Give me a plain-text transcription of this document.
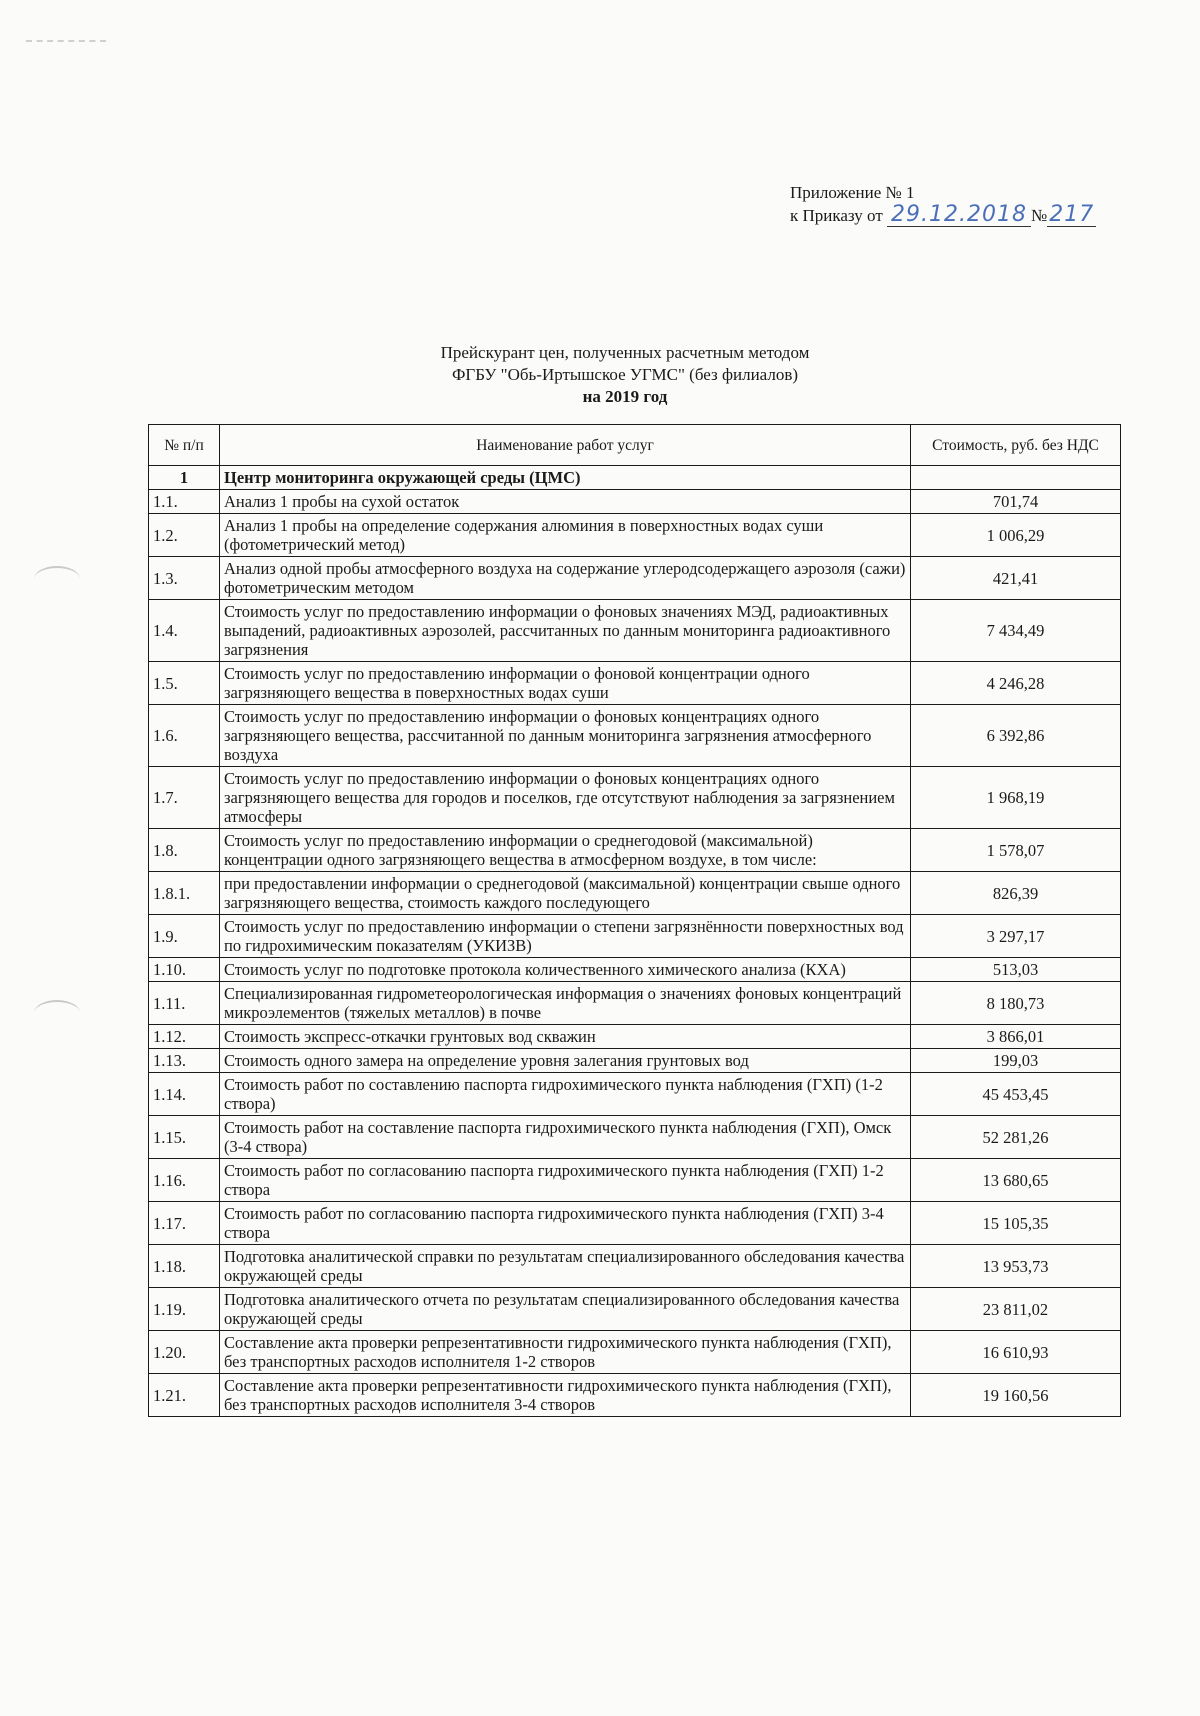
Приложение № 1
к Приказу от 29.12.2018 №217
Прейскурант цен, полученных расчетным методом
ФГБУ "Обь-Иртышское УГМС" (без филиалов)
на 2019 год
№ п/п	Наименование работ услуг	Стоимость, руб. без НДС
1	Центр мониторинга окружающей среды (ЦМС)	
1.1.	Анализ 1 пробы на сухой остаток	701,74
1.2.	Анализ 1 пробы на определение содержания алюминия в поверхностных водах суши (фотометрический метод)	1 006,29
1.3.	Анализ одной пробы атмосферного воздуха на содержание углеродсодержащего аэрозоля (сажи) фотометрическим методом	421,41
1.4.	Стоимость услуг по предоставлению информации о фоновых значениях МЭД, радиоактивных выпадений, радиоактивных аэрозолей, рассчитанных по данным мониторинга радиоактивного загрязнения	7 434,49
1.5.	Стоимость услуг по предоставлению информации о фоновой концентрации одного загрязняющего вещества в поверхностных водах суши	4 246,28
1.6.	Стоимость услуг по предоставлению информации о фоновых концентрациях одного загрязняющего вещества, рассчитанной по данным мониторинга загрязнения атмосферного воздуха	6 392,86
1.7.	Стоимость услуг по предоставлению информации о фоновых концентрациях одного загрязняющего вещества для городов и поселков, где отсутствуют наблюдения за загрязнением атмосферы	1 968,19
1.8.	Стоимость услуг по предоставлению информации о среднегодовой (максимальной) концентрации одного загрязняющего вещества в атмосферном воздухе, в том числе:	1 578,07
1.8.1.	при предоставлении информации о среднегодовой (максимальной) концентрации свыше одного загрязняющего вещества, стоимость каждого последующего	826,39
1.9.	Стоимость услуг по предоставлению информации о степени загрязнённости поверхностных вод по гидрохимическим показателям (УКИЗВ)	3 297,17
1.10.	Стоимость услуг по подготовке протокола количественного химического анализа (КХА)	513,03
1.11.	Специализированная гидрометеорологическая информация о значениях фоновых концентраций микроэлементов (тяжелых металлов) в почве	8 180,73
1.12.	Стоимость экспресс-откачки грунтовых вод скважин	3 866,01
1.13.	Стоимость одного замера на определение уровня залегания грунтовых вод	199,03
1.14.	Стоимость работ по составлению паспорта гидрохимического пункта наблюдения (ГХП) (1-2 створа)	45 453,45
1.15.	Стоимость работ на составление паспорта гидрохимического пункта наблюдения (ГХП), Омск (3-4 створа)	52 281,26
1.16.	Стоимость работ по согласованию паспорта гидрохимического пункта наблюдения (ГХП) 1-2 створа	13 680,65
1.17.	Стоимость работ по согласованию паспорта гидрохимического пункта наблюдения (ГХП) 3-4 створа	15 105,35
1.18.	Подготовка аналитической справки по результатам специализированного обследования качества окружающей среды	13 953,73
1.19.	Подготовка аналитического отчета по результатам специализированного обследования качества окружающей среды	23 811,02
1.20.	Составление акта проверки репрезентативности гидрохимического пункта наблюдения (ГХП), без транспортных расходов исполнителя 1-2 створов	16 610,93
1.21.	Составление акта проверки репрезентативности гидрохимического пункта наблюдения (ГХП), без транспортных расходов исполнителя 3-4 створов	19 160,56
